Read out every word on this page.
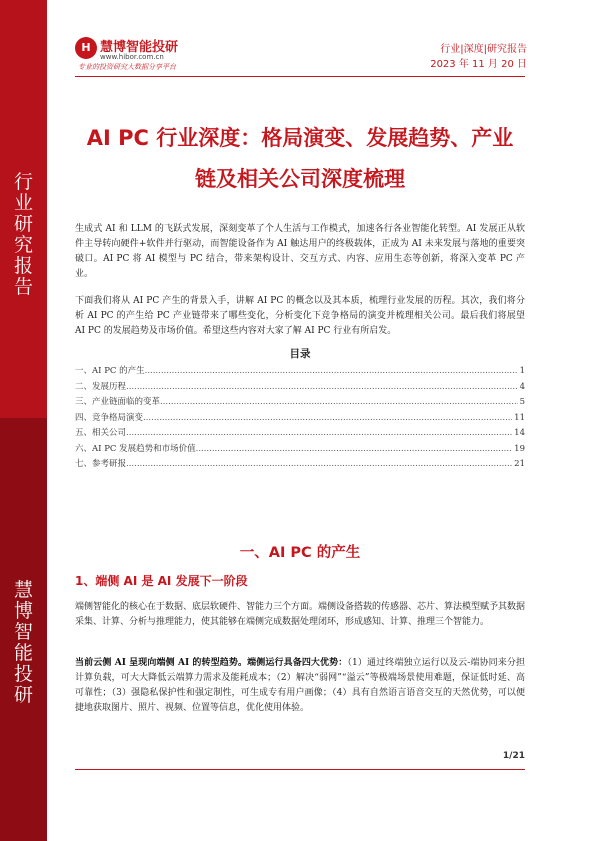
行
业
研
究
报
告
慧
博
智
能
投
研
H 慧博智能投研
www.hibor.com.cn
专业的投资研究大数据分享平台
行业|深度|研究报告
2023 年 11 月 20 日
AI PC 行业深度：格局演变、发展趋势、产业
链及相关公司深度梳理
生成式 AI 和 LLM 的飞跃式发展，深刻变革了个人生活与工作模式，加速各行各业智能化转型。AI 发展正从软件主导转向硬件+软件并行驱动，而智能设备作为 AI 触达用户的终极载体，正成为 AI 未来发展与落地的重要突破口。AI PC 将 AI 模型与 PC 结合，带来架构设计、交互方式、内容、应用生态等创新，将深入变革 PC 产业。
下面我们将从 AI PC 产生的背景入手，讲解 AI PC 的概念以及其本质，梳理行业发展的历程。其次，我们将分析 AI PC 的产生给 PC 产业链带来了哪些变化，分析变化下竞争格局的演变并梳理相关公司。最后我们将展望 AI PC 的发展趋势及市场价值。希望这些内容对大家了解 AI PC 行业有所启发。
目录
一、AI PC 的产生 .....	1
二、发展历程 .....	4
三、产业链面临的变革 .....	5
四、竞争格局演变 .....	11
五、相关公司 .....	14
六、AI PC 发展趋势和市场价值 .....	19
七、参考研报 .....	21
一、AI PC 的产生
1、端侧 AI 是 AI 发展下一阶段
端侧智能化的核心在于数据、底层软硬件、智能力三个方面。端侧设备搭载的传感器、芯片、算法模型赋予其数据采集、计算、分析与推理能力，使其能够在端侧完成数据处理闭环，形成感知、计算、推理三个智能力。
当前云侧 AI 呈现向端侧 AI 的转型趋势。端侧运行具备四大优势：（1）通过终端独立运行以及云-端协同来分担计算负载，可大大降低云端算力需求及能耗成本；（2）解决“弱网”“溢云”等极端场景使用难题，保证低时延、高可靠性；（3）强隐私保护性和强定制性，可生成专有用户画像；（4）具有自然语言语音交互的天然优势，可以便捷地获取图片、照片、视频、位置等信息，优化使用体验。
1/21
